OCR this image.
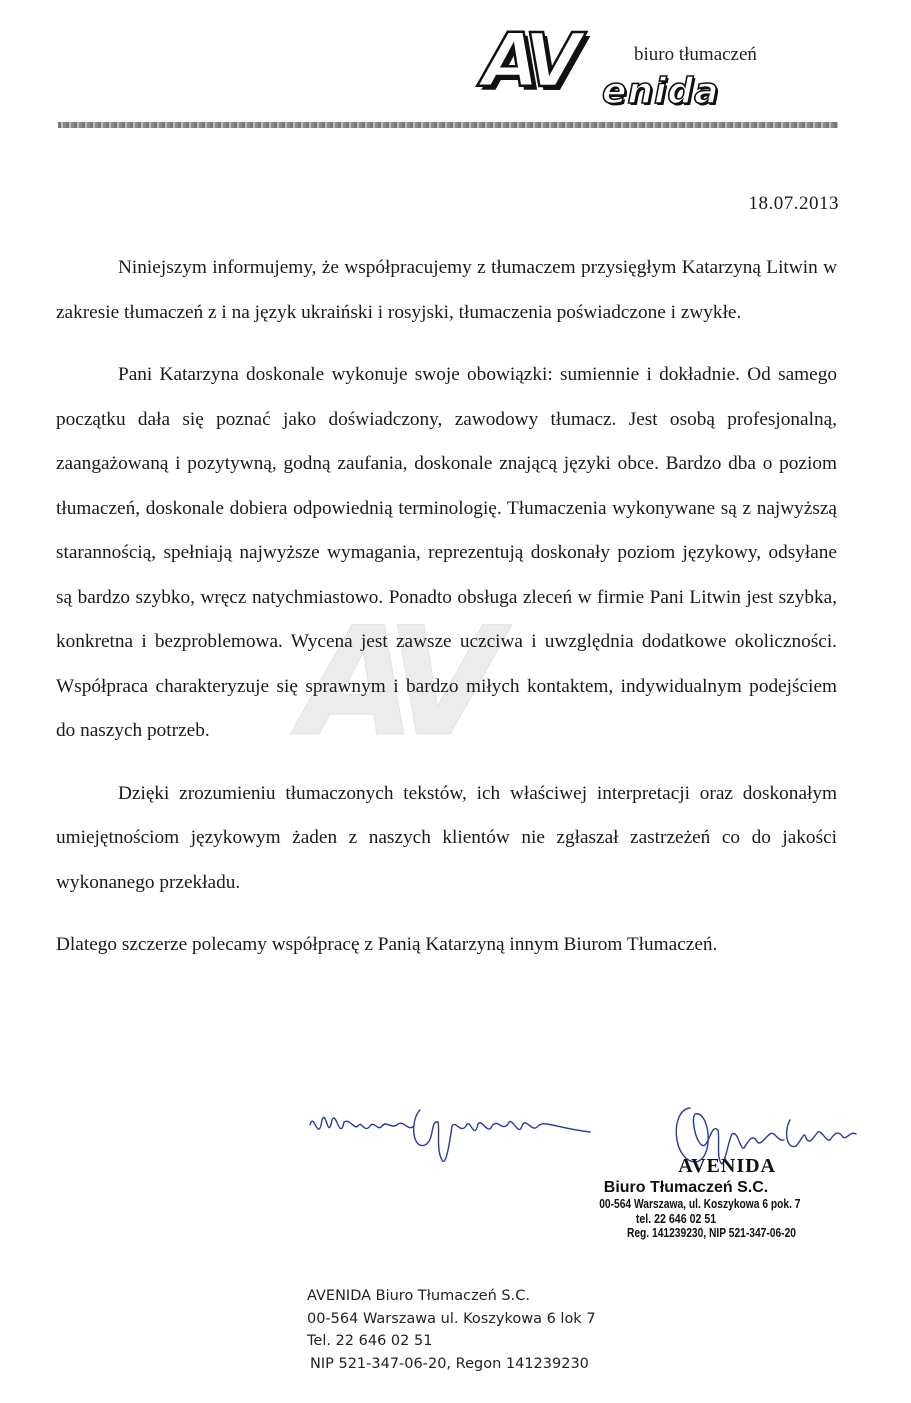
AV	biuro tłumaczeń
enida
AV
18.07.2013

Niniejszym informujemy, że współpracujemy z tłumaczem przysięgłym Katarzyną Litwin w zakresie tłumaczeń z i na język ukraiński i rosyjski, tłumaczenia poświadczone i zwykłe.

Pani Katarzyna doskonale wykonuje swoje obowiązki: sumiennie i dokładnie. Od samego początku dała się poznać jako doświadczony, zawodowy tłumacz. Jest osobą profesjonalną, zaangażowaną i pozytywną, godną zaufania, doskonale znającą języki obce. Bardzo dba o poziom tłumaczeń, doskonale dobiera odpowiednią terminologię. Tłumaczenia wykonywane są z najwyższą starannością, spełniają najwyższe wymagania, reprezentują doskonały poziom językowy, odsyłane są bardzo szybko, wręcz natychmiastowo. Ponadto obsługa zleceń w firmie Pani Litwin jest szybka, konkretna i bezproblemowa. Wycena jest zawsze uczciwa i uwzględnia dodatkowe okoliczności. Współpraca charakteryzuje się sprawnym i bardzo miłych kontaktem, indywidualnym podejściem do naszych potrzeb.

Dzięki zrozumieniu tłumaczonych tekstów, ich właściwej interpretacji oraz doskonałym umiejętnościom językowym żaden z naszych klientów nie zgłaszał zastrzeżeń co do jakości wykonanego przekładu.

Dlatego szczerze polecamy współpracę z Panią Katarzyną innym Biurom Tłumaczeń.

AVENIDA
Biuro Tłumaczeń S.C.
00-564 Warszawa, ul. Koszykowa 6 pok. 7
tel. 22 646 02 51
Reg. 141239230, NIP 521-347-06-20
AVENIDA Biuro Tłumaczeń S.C.
00-564 Warszawa ul. Koszykowa 6 lok 7
Tel. 22 646 02 51
NIP 521-347-06-20, Regon 141239230
